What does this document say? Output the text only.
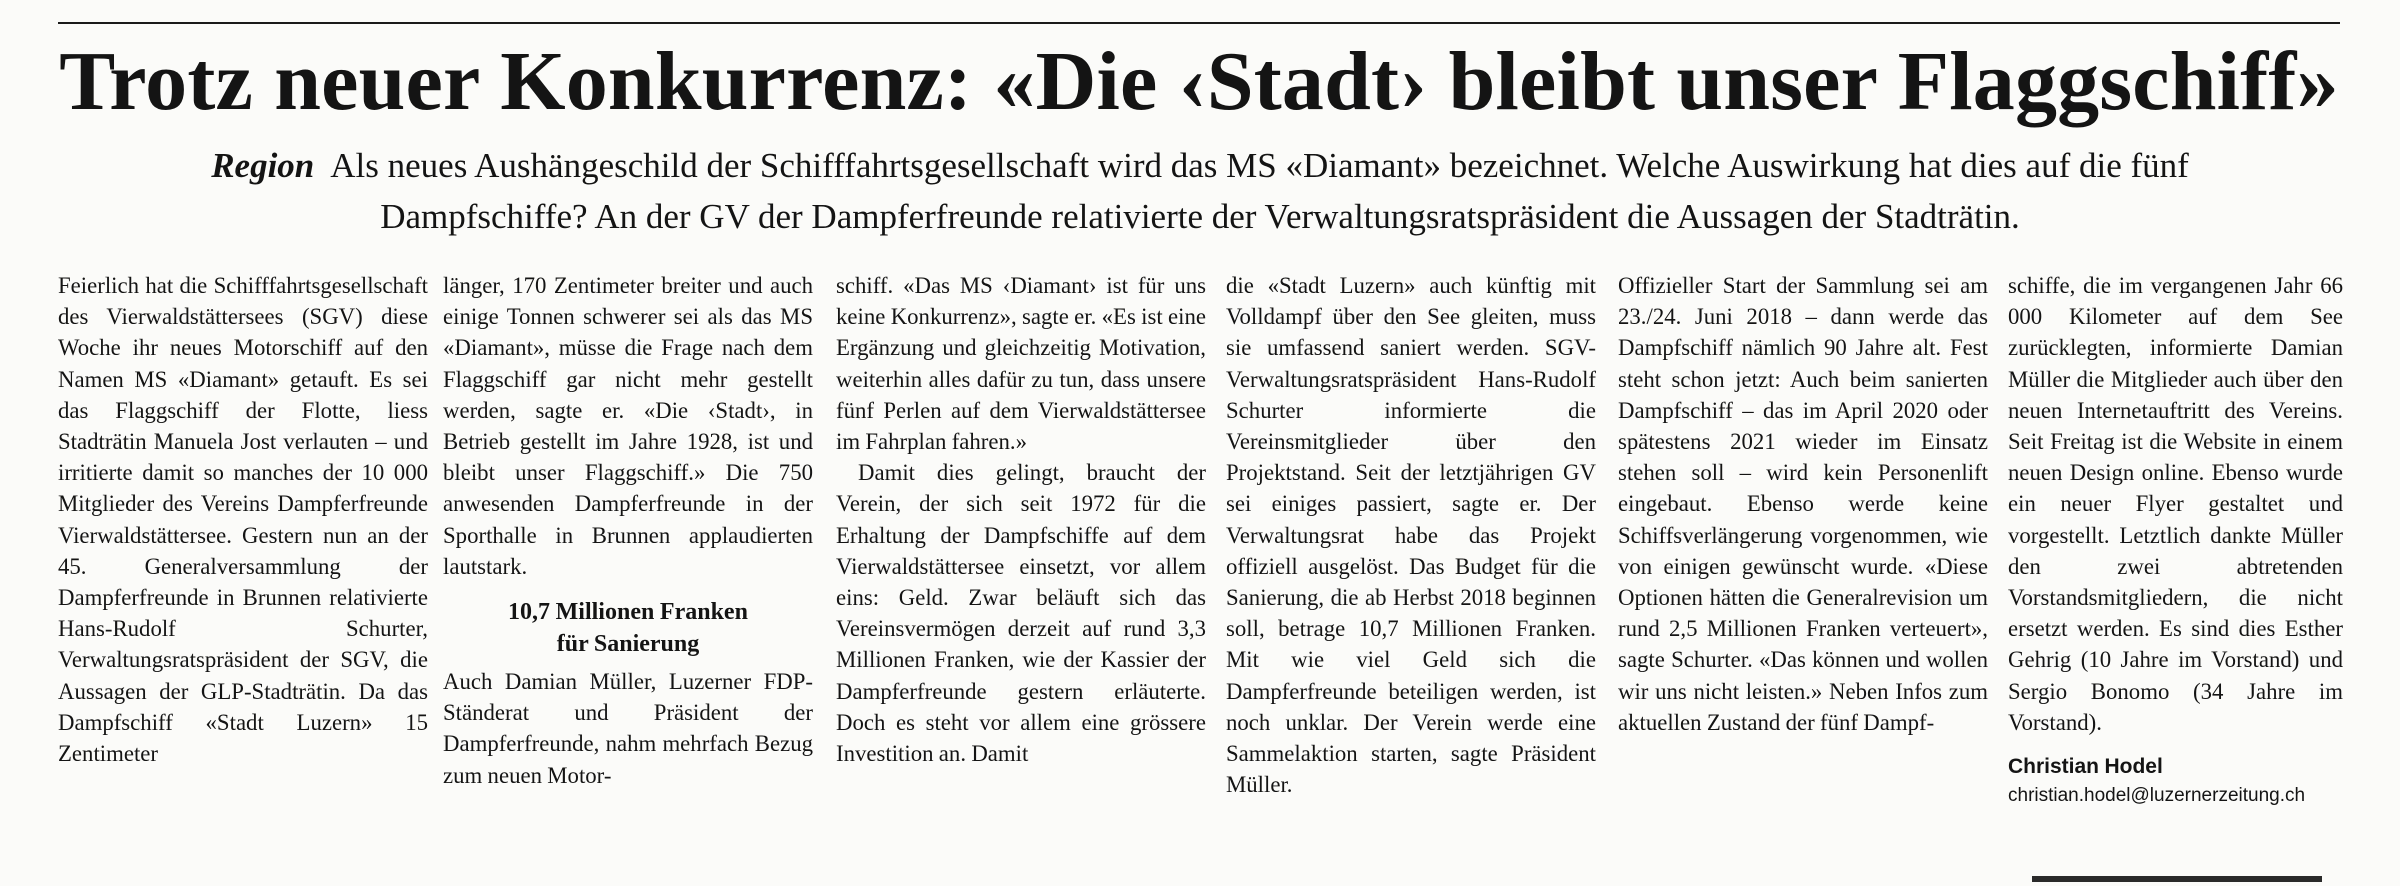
Trotz neuer Konkurrenz: «Die ‹Stadt› bleibt unser Flaggschiff»
Region Als neues Aushängeschild der Schifffahrtsgesellschaft wird das MS «Diamant» bezeichnet. Welche Auswirkung hat dies auf die fünf Dampfschiffe? An der GV der Dampferfreunde relativierte der Verwaltungsratspräsident die Aussagen der Stadträtin.

Feierlich hat die Schifffahrtsgesellschaft des Vierwaldstättersees (SGV) diese Woche ihr neues Motorschiff auf den Namen MS «Diamant» getauft. Es sei das Flaggschiff der Flotte, liess Stadträtin Manuela Jost verlauten – und irritierte damit so manches der 10 000 Mitglieder des Vereins Dampferfreunde Vierwaldstättersee. Gestern nun an der 45. Generalversammlung der Dampferfreunde in Brunnen relativierte Hans-Rudolf Schurter, Verwaltungsratspräsident der SGV, die Aussagen der GLP-Stadträtin. Da das Dampfschiff «Stadt Luzern» 15 Zentimeter

länger, 170 Zentimeter breiter und auch einige Tonnen schwerer sei als das MS «Diamant», müsse die Frage nach dem Flaggschiff gar nicht mehr gestellt werden, sagte er. «Die ‹Stadt›, in Betrieb gestellt im Jahre 1928, ist und bleibt unser Flaggschiff.» Die 750 anwesenden Dampferfreunde in der Sporthalle in Brunnen applaudierten lautstark.

10,7 Millionen Franken
für Sanierung

Auch Damian Müller, Luzerner FDP-Ständerat und Präsident der Dampferfreunde, nahm mehrfach Bezug zum neuen Motor-

schiff. «Das MS ‹Diamant› ist für uns keine Konkurrenz», sagte er. «Es ist eine Ergänzung und gleichzeitig Motivation, weiterhin alles dafür zu tun, dass unsere fünf Perlen auf dem Vierwaldstättersee im Fahrplan fahren.»

Damit dies gelingt, braucht der Verein, der sich seit 1972 für die Erhaltung der Dampfschiffe auf dem Vierwaldstättersee einsetzt, vor allem eins: Geld. Zwar beläuft sich das Vereinsvermögen derzeit auf rund 3,3 Millionen Franken, wie der Kassier der Dampferfreunde gestern erläuterte. Doch es steht vor allem eine grössere Investition an. Damit

die «Stadt Luzern» auch künftig mit Volldampf über den See gleiten, muss sie umfassend saniert werden. SGV-Verwaltungsratspräsident Hans-Rudolf Schurter informierte die Vereinsmitglieder über den Projektstand. Seit der letztjährigen GV sei einiges passiert, sagte er. Der Verwaltungsrat habe das Projekt offiziell ausgelöst. Das Budget für die Sanierung, die ab Herbst 2018 beginnen soll, betrage 10,7 Millionen Franken. Mit wie viel Geld sich die Dampferfreunde beteiligen werden, ist noch unklar. Der Verein werde eine Sammelaktion starten, sagte Präsident Müller.

Offizieller Start der Sammlung sei am 23./24. Juni 2018 – dann werde das Dampfschiff nämlich 90 Jahre alt. Fest steht schon jetzt: Auch beim sanierten Dampfschiff – das im April 2020 oder spätestens 2021 wieder im Einsatz stehen soll – wird kein Personenlift eingebaut. Ebenso werde keine Schiffsverlängerung vorgenommen, wie von einigen gewünscht wurde. «Diese Optionen hätten die Generalrevision um rund 2,5 Millionen Franken verteuert», sagte Schurter. «Das können und wollen wir uns nicht leisten.» Neben Infos zum aktuellen Zustand der fünf Dampf-

schiffe, die im vergangenen Jahr 66 000 Kilometer auf dem See zurücklegten, informierte Damian Müller die Mitglieder auch über den neuen Internetauftritt des Vereins. Seit Freitag ist die Website in einem neuen Design online. Ebenso wurde ein neuer Flyer gestaltet und vorgestellt. Letztlich dankte Müller den zwei abtretenden Vorstandsmitgliedern, die nicht ersetzt werden. Es sind dies Esther Gehrig (10 Jahre im Vorstand) und Sergio Bonomo (34 Jahre im Vorstand).

Christian Hodel
christian.hodel@luzernerzeitung.ch
